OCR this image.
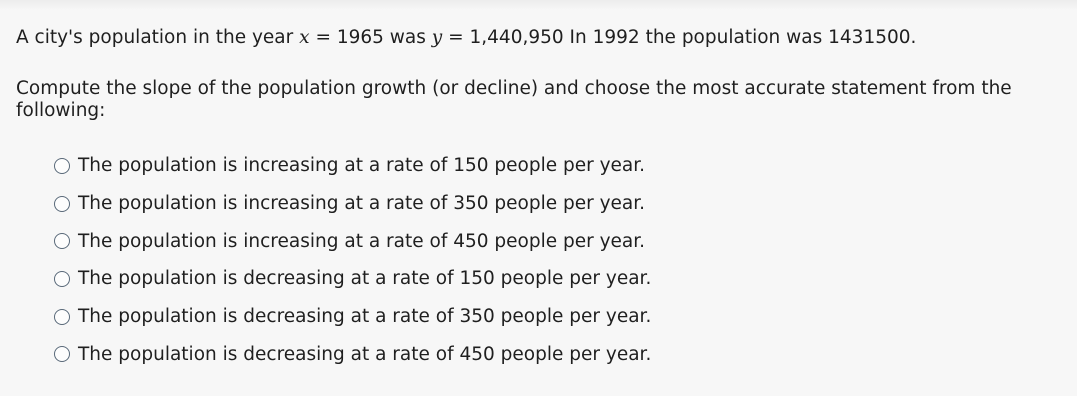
A city's population in the year x = 1965 was y = 1,440,950 In 1992 the population was 1431500.
Compute the slope of the population growth (or decline) and choose the most accurate statement from the following:
The population is increasing at a rate of 150 people per year.
The population is increasing at a rate of 350 people per year.
The population is increasing at a rate of 450 people per year.
The population is decreasing at a rate of 150 people per year.
The population is decreasing at a rate of 350 people per year.
The population is decreasing at a rate of 450 people per year.
